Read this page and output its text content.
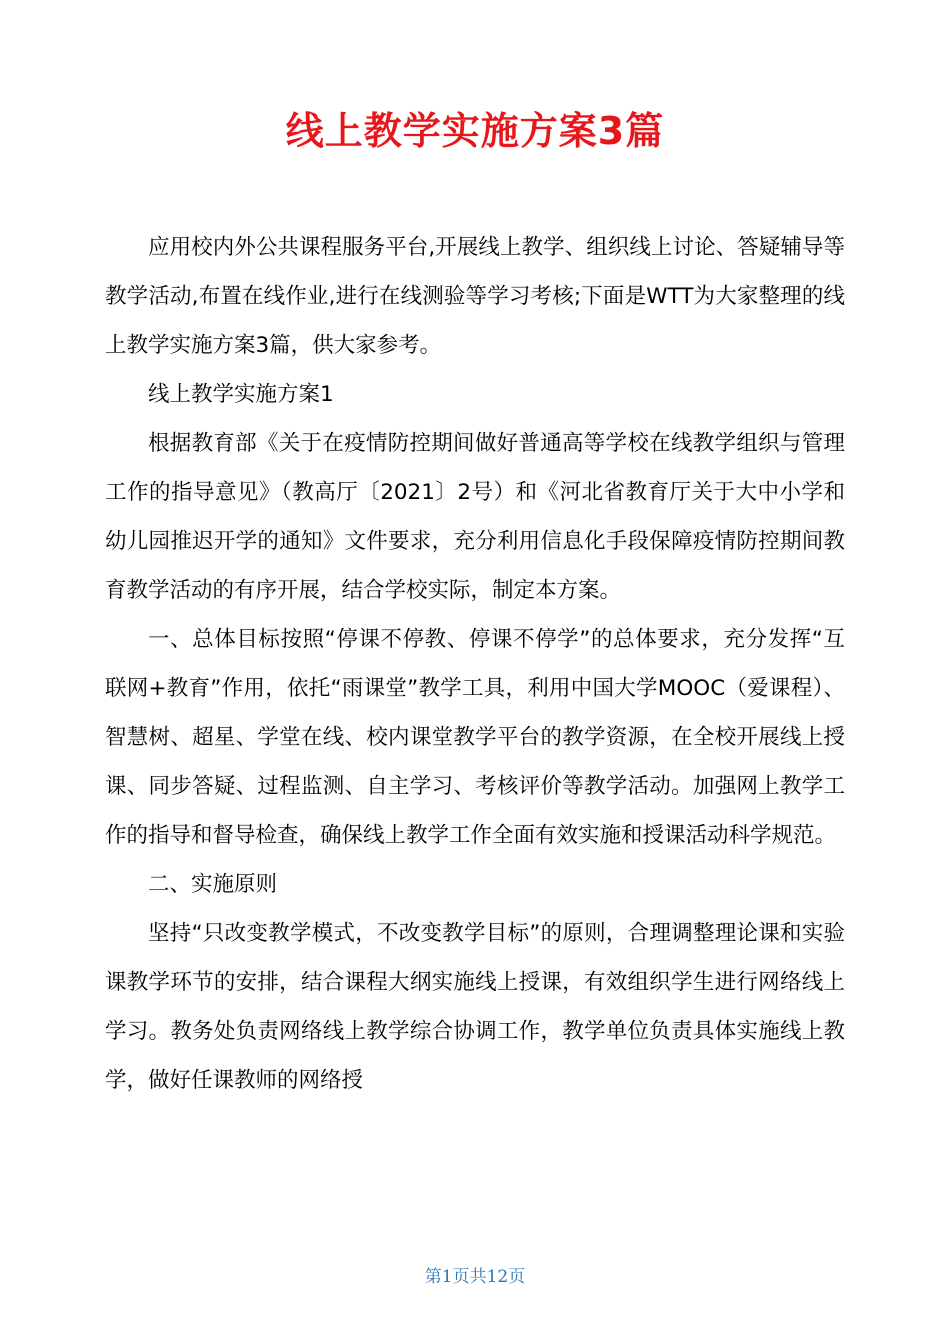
线上教学实施方案3篇

应用校内外公共课程服务平台,开展线上教学、组织线上讨论、答疑辅导等教学活动,布置在线作业,进行在线测验等学习考核;下面是WTT为大家整理的线上教学实施方案3篇，供大家参考。

线上教学实施方案1

根据教育部《关于在疫情防控期间做好普通高等学校在线教学组织与管理工作的指导意见》（教高厅〔2021〕2号）和《河北省教育厅关于大中小学和幼儿园推迟开学的通知》文件要求，充分利用信息化手段保障疫情防控期间教育教学活动的有序开展，结合学校实际，制定本方案。

一、总体目标按照“停课不停教、停课不停学”的总体要求，充分发挥“互联网+教育”作用，依托“雨课堂”教学工具，利用中国大学MOOC（爱课程）、智慧树、超星、学堂在线、校内课堂教学平台的教学资源，在全校开展线上授课、同步答疑、过程监测、自主学习、考核评价等教学活动。加强网上教学工作的指导和督导检查，确保线上教学工作全面有效实施和授课活动科学规范。

二、实施原则

坚持“只改变教学模式，不改变教学目标”的原则，合理调整理论课和实验课教学环节的安排，结合课程大纲实施线上授课，有效组织学生进行网络线上学习。教务处负责网络线上教学综合协调工作，教学单位负责具体实施线上教学，做好任课教师的网络授

第1页共12页
